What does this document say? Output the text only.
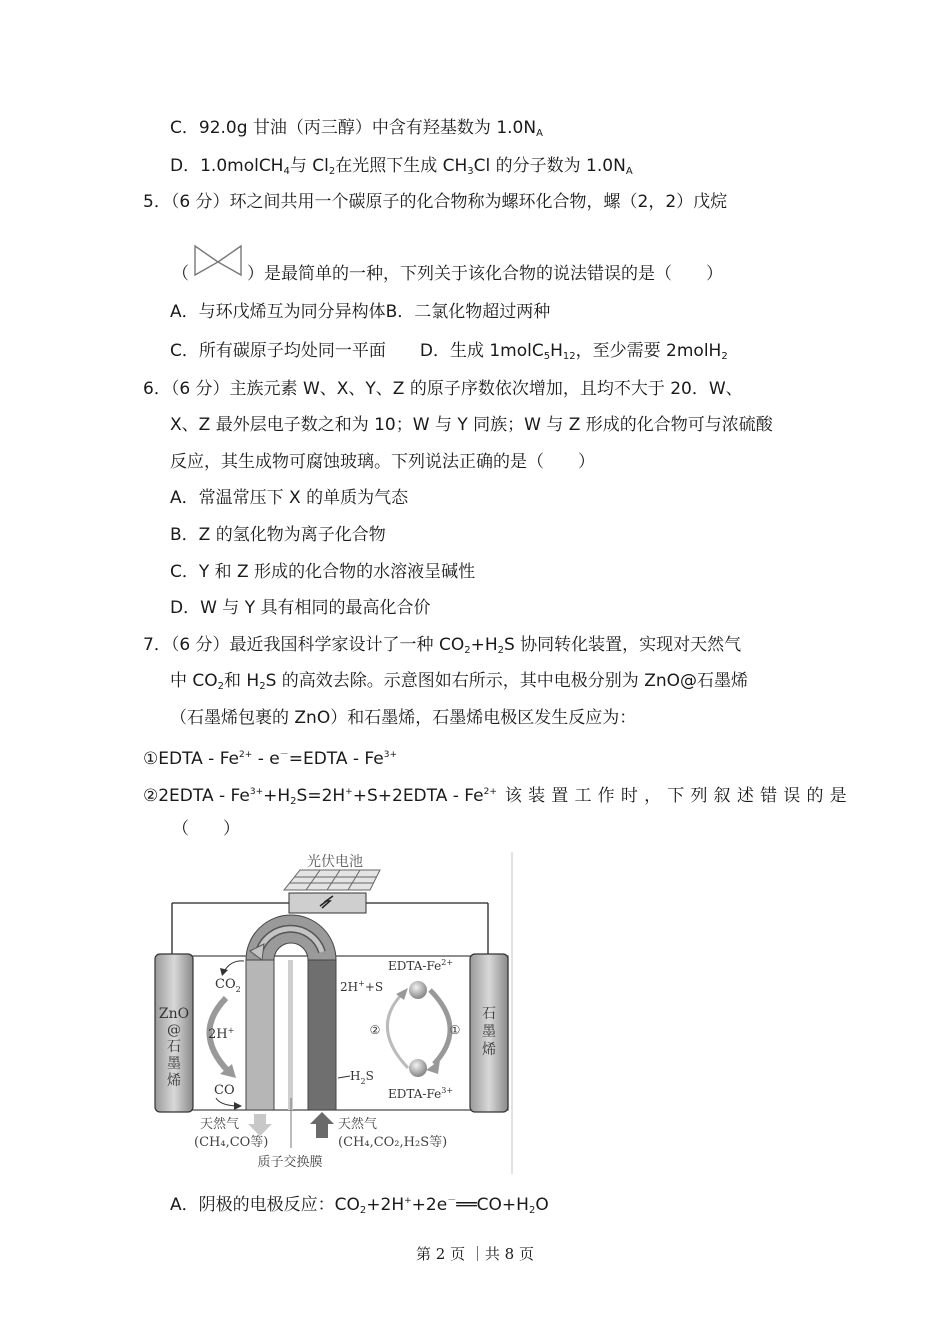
C．92.0g 甘油（丙三醇）中含有羟基数为 $1.0N_A$
D．1.0molCH$_4$与 $Cl_2$在光照下生成 $CH_3Cl$ 的分子数为 $1.0N_A$
5．（6 分）环之间共用一个碳原子的化合物称为螺环化合物，螺（2，2）戊烷
（	）是最简单的一种，下列关于该化合物的说法错误的是（　　）
A．与环戊烯互为同分异构体B．二氯化物超过两种
C．所有碳原子均处同一平面 D．生成 $1molC_5H_{12}$，至少需要 2molH$_2$
6．（6 分）主族元素 W、X、Y、Z 的原子序数依次增加，且均不大于 20．W、
X、Z 最外层电子数之和为 10；W 与 Y 同族；W 与 Z 形成的化合物可与浓硫酸
反应，其生成物可腐蚀玻璃。下列说法正确的是（　　）
A．常温常压下 X 的单质为气态
B．Z 的氢化物为离子化合物
C．Y 和 Z 形成的化合物的水溶液呈碱性
D．W 与 Y 具有相同的最高化合价
7．（6 分）最近我国科学家设计了一种 $CO_2+H_2S$ 协同转化装置，实现对天然气
中 $CO_2$和 $H_2S$ 的高效去除。示意图如右所示，其中电极分别为 ZnO@石墨烯
（石墨烯包裹的 ZnO）和石墨烯，石墨烯电极区发生反应为：
①EDTA - $Fe^{2+}$ - e－=EDTA - $Fe^{3+}$
②2EDTA - $Fe^{3+}+H_2S=2H^++S+2EDTA - Fe^{2+}$ 该装置工作时，下列叙述错误的是
（　　）
光伏电池
ZnO
@
石
墨
烯
石
墨
烯
$CO_2$
2H+
CO
EDTA-$Fe^{2+}$
2H++S
②	①
EDTA-$Fe^{3+}$
$H_2S$
天然气
(CH₄,CO等)
天然气
(CH₄,CO₂,H₂S等)
质子交换膜
A．阴极的电极反应：$CO_2+2H^++2e^-══CO+H_2O$
第 2 页 ｜共 8 页
